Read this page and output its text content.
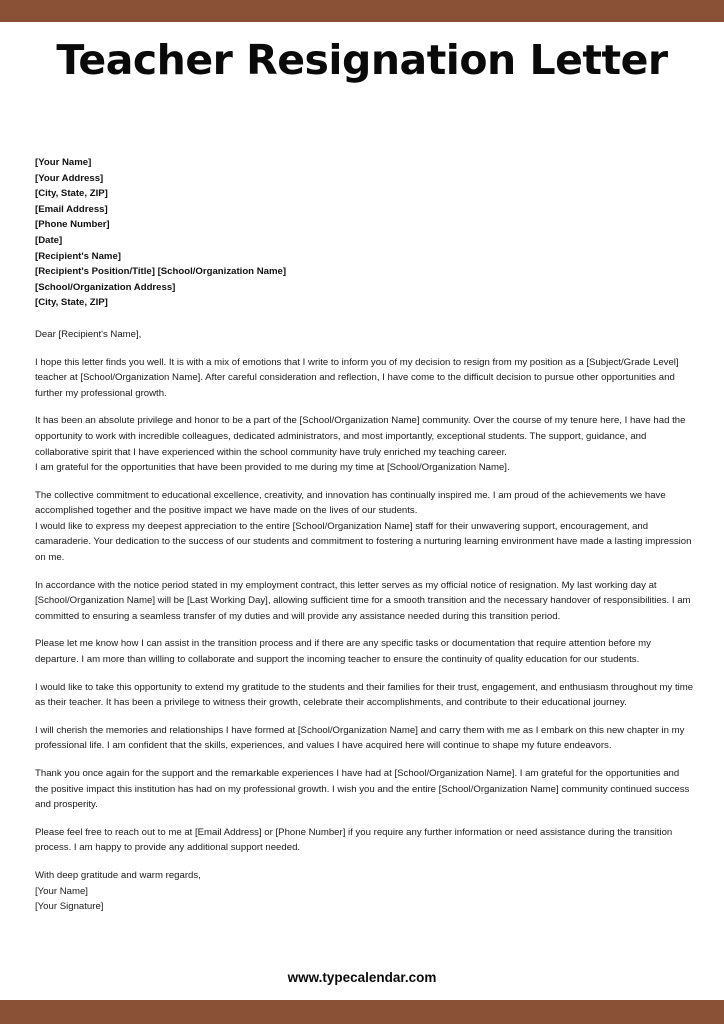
Teacher Resignation Letter
[Your Name]
[Your Address]
[City, State, ZIP]
[Email Address]
[Phone Number]
[Date]
[Recipient's Name]
[Recipient's Position/Title] [School/Organization Name]
[School/Organization Address]
[City, State, ZIP]
Dear [Recipient's Name],
I hope this letter finds you well. It is with a mix of emotions that I write to inform you of my decision to resign from my position as a [Subject/Grade Level] teacher at [School/Organization Name]. After careful consideration and reflection, I have come to the difficult decision to pursue other opportunities and further my professional growth.
It has been an absolute privilege and honor to be a part of the [School/Organization Name] community. Over the course of my tenure here, I have had the opportunity to work with incredible colleagues, dedicated administrators, and most importantly, exceptional students. The support, guidance, and collaborative spirit that I have experienced within the school community have truly enriched my teaching career.
I am grateful for the opportunities that have been provided to me during my time at [School/Organization Name].
The collective commitment to educational excellence, creativity, and innovation has continually inspired me. I am proud of the achievements we have accomplished together and the positive impact we have made on the lives of our students.
I would like to express my deepest appreciation to the entire [School/Organization Name] staff for their unwavering support, encouragement, and camaraderie. Your dedication to the success of our students and commitment to fostering a nurturing learning environment have made a lasting impression on me.
In accordance with the notice period stated in my employment contract, this letter serves as my official notice of resignation. My last working day at [School/Organization Name] will be [Last Working Day], allowing sufficient time for a smooth transition and the necessary handover of responsibilities. I am committed to ensuring a seamless transfer of my duties and will provide any assistance needed during this transition period.
Please let me know how I can assist in the transition process and if there are any specific tasks or documentation that require attention before my departure. I am more than willing to collaborate and support the incoming teacher to ensure the continuity of quality education for our students.
I would like to take this opportunity to extend my gratitude to the students and their families for their trust, engagement, and enthusiasm throughout my time as their teacher. It has been a privilege to witness their growth, celebrate their accomplishments, and contribute to their educational journey.
I will cherish the memories and relationships I have formed at [School/Organization Name] and carry them with me as I embark on this new chapter in my professional life. I am confident that the skills, experiences, and values I have acquired here will continue to shape my future endeavors.
Thank you once again for the support and the remarkable experiences I have had at [School/Organization Name]. I am grateful for the opportunities and the positive impact this institution has had on my professional growth. I wish you and the entire [School/Organization Name] community continued success and prosperity.
Please feel free to reach out to me at [Email Address] or [Phone Number] if you require any further information or need assistance during the transition process. I am happy to provide any additional support needed.
With deep gratitude and warm regards,
[Your Name]
[Your Signature]
www.typecalendar.com
